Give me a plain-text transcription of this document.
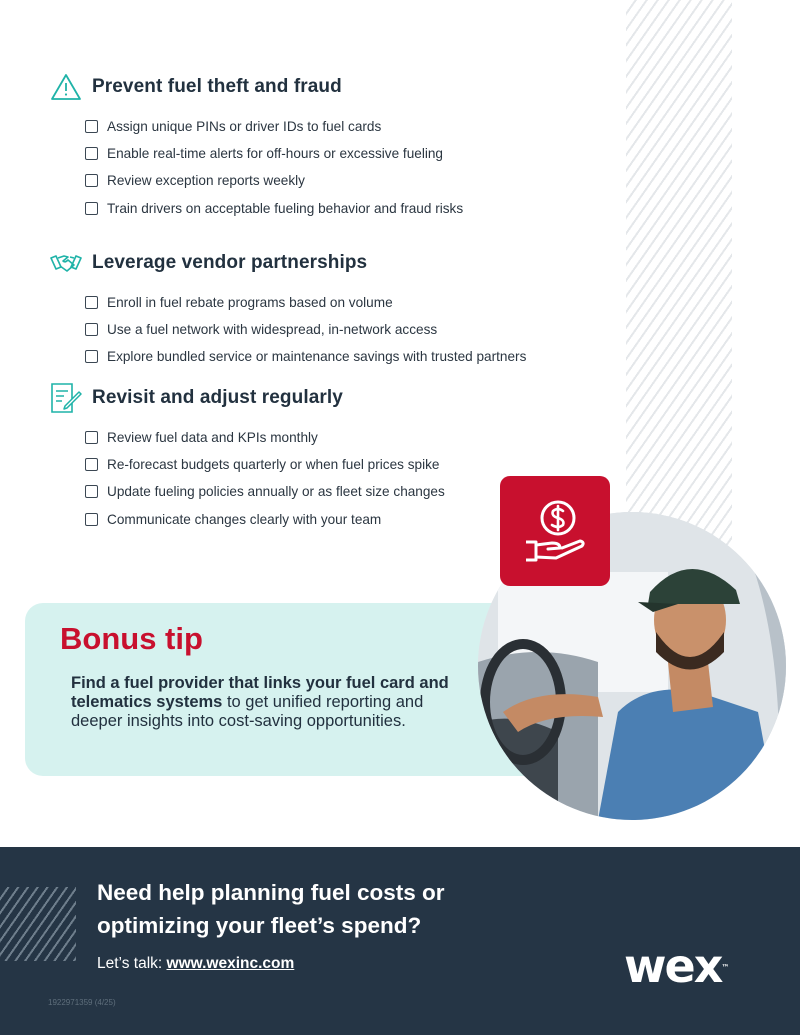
Prevent fuel theft and fraud
Assign unique PINs or driver IDs to fuel cards
Enable real-time alerts for off-hours or excessive fueling
Review exception reports weekly
Train drivers on acceptable fueling behavior and fraud risks
Leverage vendor partnerships
Enroll in fuel rebate programs based on volume
Use a fuel network with widespread, in-network access
Explore bundled service or maintenance savings with trusted partners
Revisit and adjust regularly
Review fuel data and KPIs monthly
Re-forecast budgets quarterly or when fuel prices spike
Update fueling policies annually or as fleet size changes
Communicate changes clearly with your team
Bonus tip
Find a fuel provider that links your fuel card and telematics systems to get unified reporting and deeper insights into cost-saving opportunities.
Need help planning fuel costs or
optimizing your fleet’s spend?
Let’s talk: www.wexinc.com	wex™
1922971359 (4/25)
